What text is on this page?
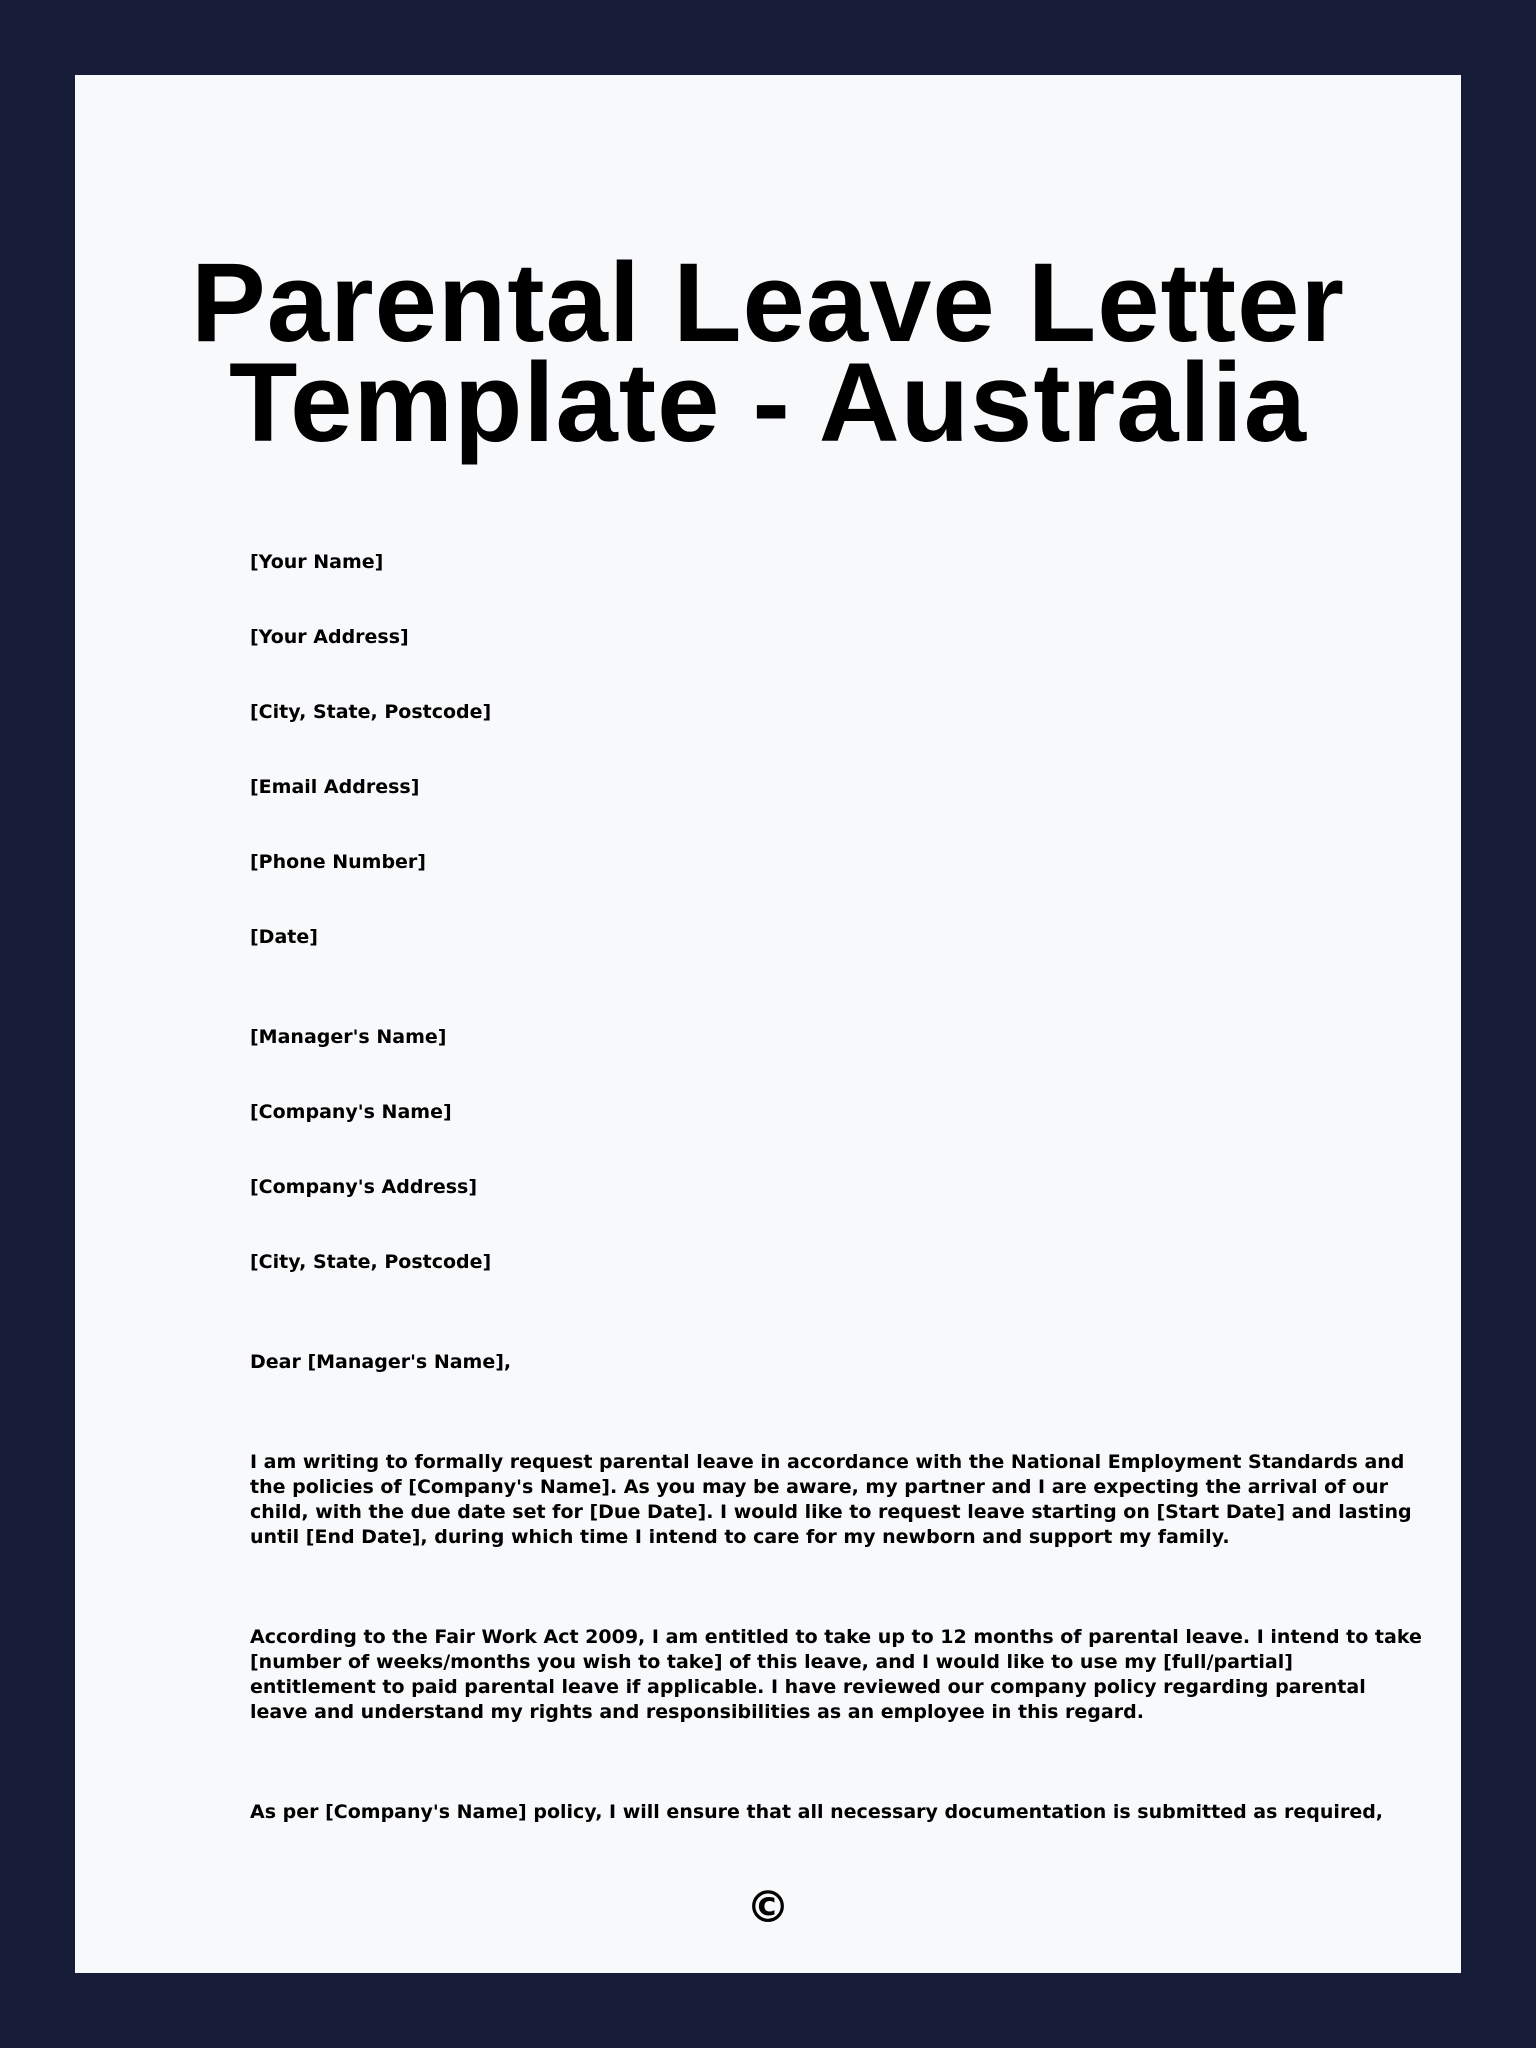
Parental Leave Letter
Template - Australia
[Your Name]
[Your Address]
[City, State, Postcode]
[Email Address]
[Phone Number]
[Date]
[Manager's Name]
[Company's Name]
[Company's Address]
[City, State, Postcode]
Dear [Manager's Name],
I am writing to formally request parental leave in accordance with the National Employment Standards and
the policies of [Company's Name]. As you may be aware, my partner and I are expecting the arrival of our
child, with the due date set for [Due Date]. I would like to request leave starting on [Start Date] and lasting
until [End Date], during which time I intend to care for my newborn and support my family.
According to the Fair Work Act 2009, I am entitled to take up to 12 months of parental leave. I intend to take
[number of weeks/months you wish to take] of this leave, and I would like to use my [full/partial]
entitlement to paid parental leave if applicable. I have reviewed our company policy regarding parental
leave and understand my rights and responsibilities as an employee in this regard.
As per [Company's Name] policy, I will ensure that all necessary documentation is submitted as required,
©
